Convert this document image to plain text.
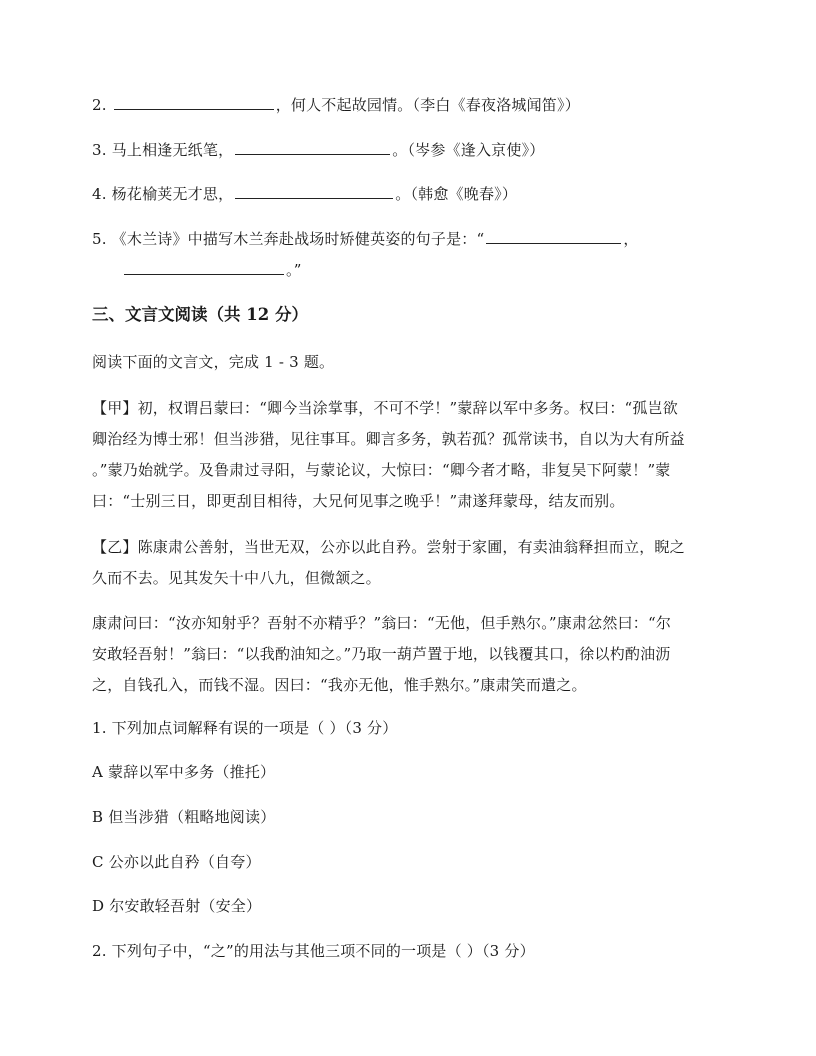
2.	，何人不起故园情。（李白《春夜洛城闻笛》）
3. 马上相逢无纸笔，	。（岑参《逢入京使》）
4. 杨花榆荚无才思，	。（韩愈《晚春》）
5. 《木兰诗》中描写木兰奔赴战场时矫健英姿的句子是：“	，
。”
三、文言文阅读（共 12 分）
阅读下面的文言文，完成 1 - 3 题。
【甲】初，权谓吕蒙曰：“卿今当涂掌事，不可不学！”蒙辞以军中多务。权曰：“孤岂欲
卿治经为博士邪！但当涉猎，见往事耳。卿言多务，孰若孤？孤常读书，自以为大有所益
。”蒙乃始就学。及鲁肃过寻阳，与蒙论议，大惊曰：“卿今者才略，非复吴下阿蒙！”蒙
曰：“士别三日，即更刮目相待，大兄何见事之晚乎！”肃遂拜蒙母，结友而别。
【乙】陈康肃公善射，当世无双，公亦以此自矜。尝射于家圃，有卖油翁释担而立，睨之
久而不去。见其发矢十中八九，但微颔之。
康肃问曰：“汝亦知射乎？吾射不亦精乎？”翁曰：“无他，但手熟尔。”康肃忿然曰：“尔
安敢轻吾射！”翁曰：“以我酌油知之。”乃取一葫芦置于地，以钱覆其口，徐以杓酌油沥
之，自钱孔入，而钱不湿。因曰：“我亦无他，惟手熟尔。”康肃笑而遣之。
1. 下列加点词解释有误的一项是（ ）（3 分）
A 蒙辞以军中多务（推托）
B 但当涉猎（粗略地阅读）
C 公亦以此自矜（自夸）
D 尔安敢轻吾射（安全）
2. 下列句子中，“之”的用法与其他三项不同的一项是（ ）（3 分）
